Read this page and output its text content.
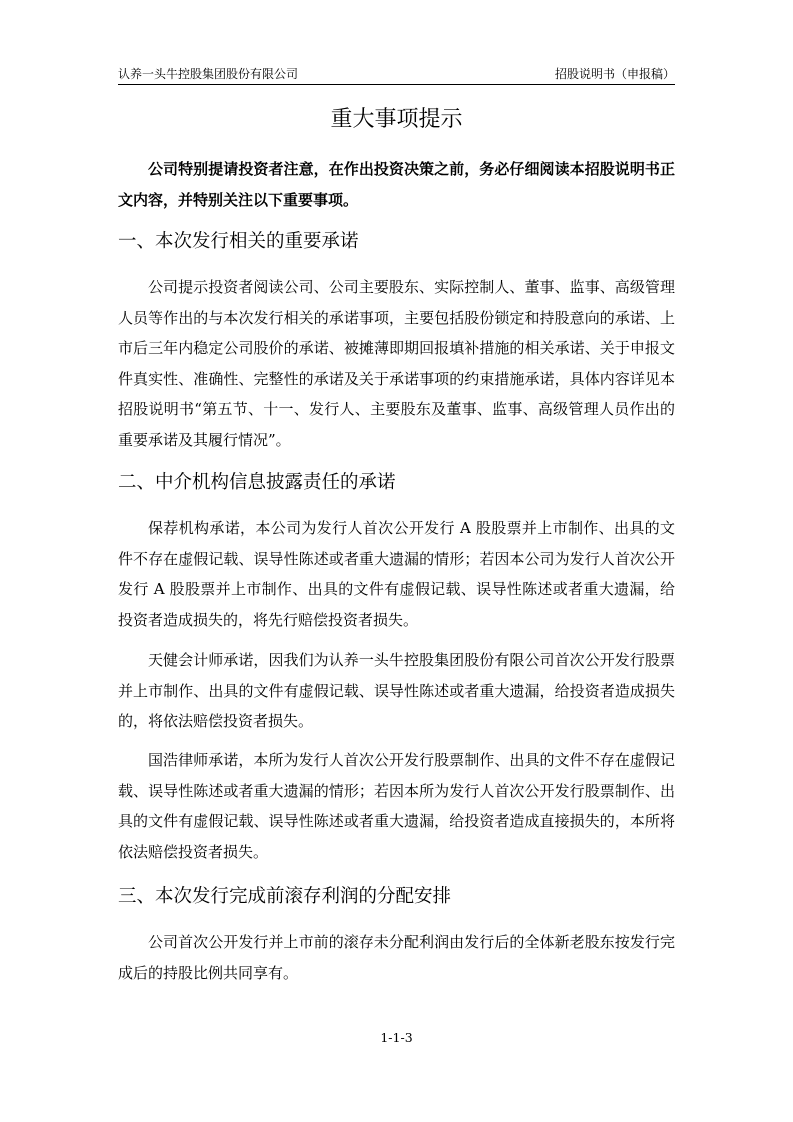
认养一头牛控股集团股份有限公司	招股说明书（申报稿）
重大事项提示
公司特别提请投资者注意，在作出投资决策之前，务必仔细阅读本招股说明书正文内容，并特别关注以下重要事项。
一、本次发行相关的重要承诺
公司提示投资者阅读公司、公司主要股东、实际控制人、董事、监事、高级管理人员等作出的与本次发行相关的承诺事项，主要包括股份锁定和持股意向的承诺、上市后三年内稳定公司股价的承诺、被摊薄即期回报填补措施的相关承诺、关于申报文件真实性、准确性、完整性的承诺及关于承诺事项的约束措施承诺，具体内容详见本招股说明书“第五节、十一、发行人、主要股东及董事、监事、高级管理人员作出的重要承诺及其履行情况”。
二、中介机构信息披露责任的承诺
保荐机构承诺，本公司为发行人首次公开发行 A 股股票并上市制作、出具的文件不存在虚假记载、误导性陈述或者重大遗漏的情形；若因本公司为发行人首次公开发行 A 股股票并上市制作、出具的文件有虚假记载、误导性陈述或者重大遗漏，给投资者造成损失的，将先行赔偿投资者损失。
天健会计师承诺，因我们为认养一头牛控股集团股份有限公司首次公开发行股票并上市制作、出具的文件有虚假记载、误导性陈述或者重大遗漏，给投资者造成损失的，将依法赔偿投资者损失。
国浩律师承诺，本所为发行人首次公开发行股票制作、出具的文件不存在虚假记载、误导性陈述或者重大遗漏的情形；若因本所为发行人首次公开发行股票制作、出具的文件有虚假记载、误导性陈述或者重大遗漏，给投资者造成直接损失的，本所将依法赔偿投资者损失。
三、本次发行完成前滚存利润的分配安排
公司首次公开发行并上市前的滚存未分配利润由发行后的全体新老股东按发行完成后的持股比例共同享有。
1-1-3
